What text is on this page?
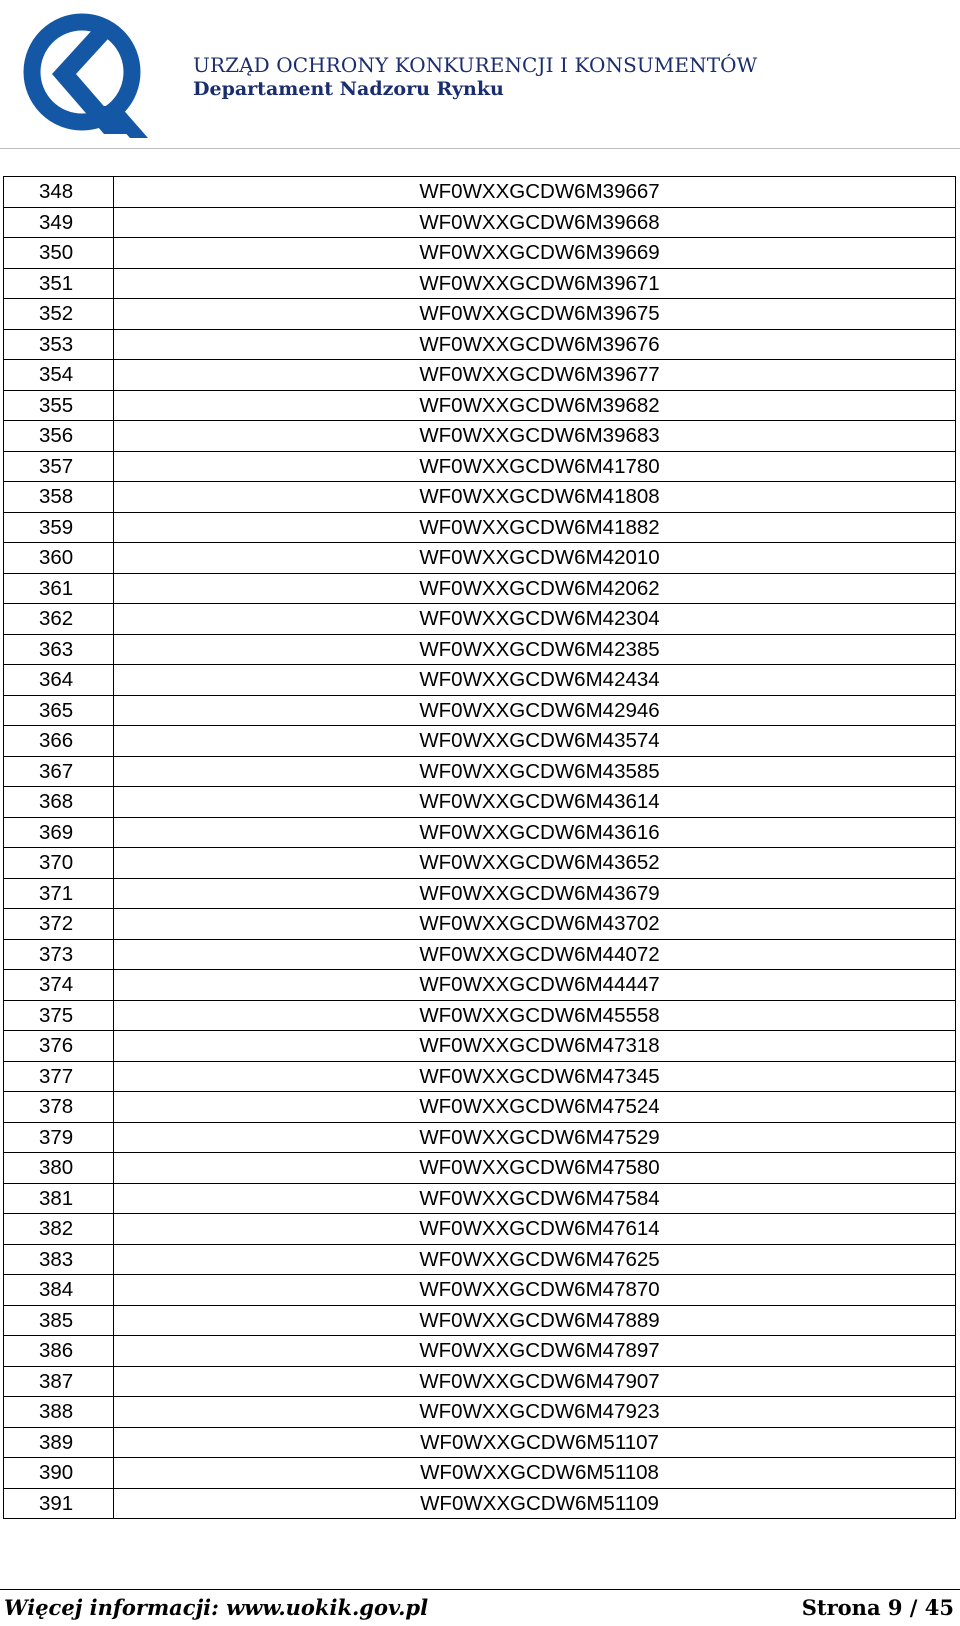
URZĄD OCHRONY KONKURENCJI I KONSUMENTÓW
Departament Nadzoru Rynku
348	WF0WXXGCDW6M39667
349	WF0WXXGCDW6M39668
350	WF0WXXGCDW6M39669
351	WF0WXXGCDW6M39671
352	WF0WXXGCDW6M39675
353	WF0WXXGCDW6M39676
354	WF0WXXGCDW6M39677
355	WF0WXXGCDW6M39682
356	WF0WXXGCDW6M39683
357	WF0WXXGCDW6M41780
358	WF0WXXGCDW6M41808
359	WF0WXXGCDW6M41882
360	WF0WXXGCDW6M42010
361	WF0WXXGCDW6M42062
362	WF0WXXGCDW6M42304
363	WF0WXXGCDW6M42385
364	WF0WXXGCDW6M42434
365	WF0WXXGCDW6M42946
366	WF0WXXGCDW6M43574
367	WF0WXXGCDW6M43585
368	WF0WXXGCDW6M43614
369	WF0WXXGCDW6M43616
370	WF0WXXGCDW6M43652
371	WF0WXXGCDW6M43679
372	WF0WXXGCDW6M43702
373	WF0WXXGCDW6M44072
374	WF0WXXGCDW6M44447
375	WF0WXXGCDW6M45558
376	WF0WXXGCDW6M47318
377	WF0WXXGCDW6M47345
378	WF0WXXGCDW6M47524
379	WF0WXXGCDW6M47529
380	WF0WXXGCDW6M47580
381	WF0WXXGCDW6M47584
382	WF0WXXGCDW6M47614
383	WF0WXXGCDW6M47625
384	WF0WXXGCDW6M47870
385	WF0WXXGCDW6M47889
386	WF0WXXGCDW6M47897
387	WF0WXXGCDW6M47907
388	WF0WXXGCDW6M47923
389	WF0WXXGCDW6M51107
390	WF0WXXGCDW6M51108
391	WF0WXXGCDW6M51109
Więcej informacji: www.uokik.gov.pl	Strona 9 / 45
